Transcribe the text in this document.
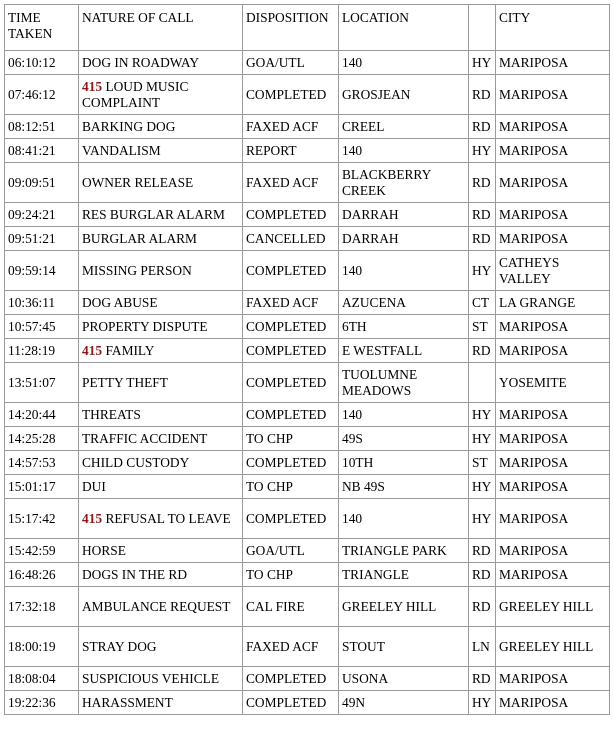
TIME TAKEN	NATURE OF CALL	DISPOSITION	LOCATION		CITY
06:10:12	DOG IN ROADWAY	GOA/UTL	140	HY	MARIPOSA
07:46:12	415 LOUD MUSIC COMPLAINT	COMPLETED	GROSJEAN	RD	MARIPOSA
08:12:51	BARKING DOG	FAXED ACF	CREEL	RD	MARIPOSA
08:41:21	VANDALISM	REPORT	140	HY	MARIPOSA
09:09:51	OWNER RELEASE	FAXED ACF	BLACKBERRY CREEK	RD	MARIPOSA
09:24:21	RES BURGLAR ALARM	COMPLETED	DARRAH	RD	MARIPOSA
09:51:21	BURGLAR ALARM	CANCELLED	DARRAH	RD	MARIPOSA
09:59:14	MISSING PERSON	COMPLETED	140	HY	CATHEYS VALLEY
10:36:11	DOG ABUSE	FAXED ACF	AZUCENA	CT	LA GRANGE
10:57:45	PROPERTY DISPUTE	COMPLETED	6TH	ST	MARIPOSA
11:28:19	415 FAMILY	COMPLETED	E WESTFALL	RD	MARIPOSA
13:51:07	PETTY THEFT	COMPLETED	TUOLUMNE MEADOWS		YOSEMITE
14:20:44	THREATS	COMPLETED	140	HY	MARIPOSA
14:25:28	TRAFFIC ACCIDENT	TO CHP	49S	HY	MARIPOSA
14:57:53	CHILD CUSTODY	COMPLETED	10TH	ST	MARIPOSA
15:01:17	DUI	TO CHP	NB 49S	HY	MARIPOSA
15:17:42	415 REFUSAL TO LEAVE	COMPLETED	140	HY	MARIPOSA
15:42:59	HORSE	GOA/UTL	TRIANGLE PARK	RD	MARIPOSA
16:48:26	DOGS IN THE RD	TO CHP	TRIANGLE	RD	MARIPOSA
17:32:18	AMBULANCE REQUEST	CAL FIRE	GREELEY HILL	RD	GREELEY HILL
18:00:19	STRAY DOG	FAXED ACF	STOUT	LN	GREELEY HILL
18:08:04	SUSPICIOUS VEHICLE	COMPLETED	USONA	RD	MARIPOSA
19:22:36	HARASSMENT	COMPLETED	49N	HY	MARIPOSA
